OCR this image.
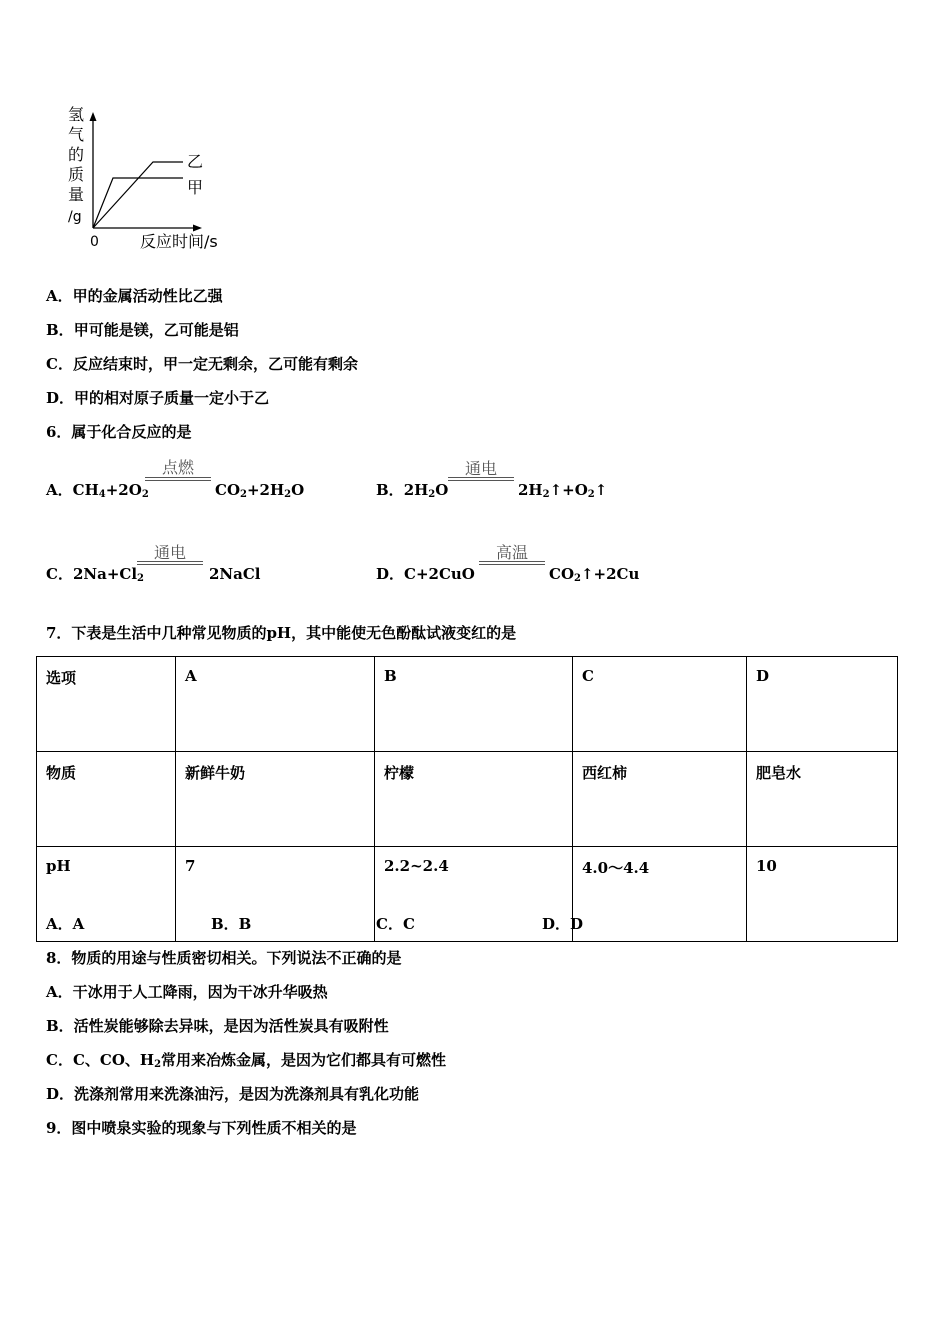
氢
气
的
质
量
/g
乙
甲
0	反应时间/s
A．甲的金属活动性比乙强
B．甲可能是镁，乙可能是铝
C．反应结束时，甲一定无剩余，乙可能有剩余
D．甲的相对原子质量一定小于乙
6．属于化合反应的是
A．$CH_4+2O_2$
点燃
$CO_2+2H_2O$	B．$2H_2O$
通电
$2H_2↑+O_2↑$
C．$2Na+Cl_2$
通电
2NaCl	D．C+2CuO
高温
$CO_2↑+2Cu$
7．下表是生活中几种常见物质的pH，其中能使无色酚酞试液变红的是
选项	A	B	C	D
物质	新鲜牛奶	柠檬	西红柿	肥皂水
pH	7	2.2~2.4	4.0～4.4	10
A．A	B．B	C．C	D．D
8．物质的用途与性质密切相关。下列说法不正确的是
A．干冰用于人工降雨，因为干冰升华吸热
B．活性炭能够除去异味，是因为活性炭具有吸附性
C．C、CO、$H_2$常用来冶炼金属，是因为它们都具有可燃性
D．洗涤剂常用来洗涤油污，是因为洗涤剂具有乳化功能
9．图中喷泉实验的现象与下列性质不相关的是
